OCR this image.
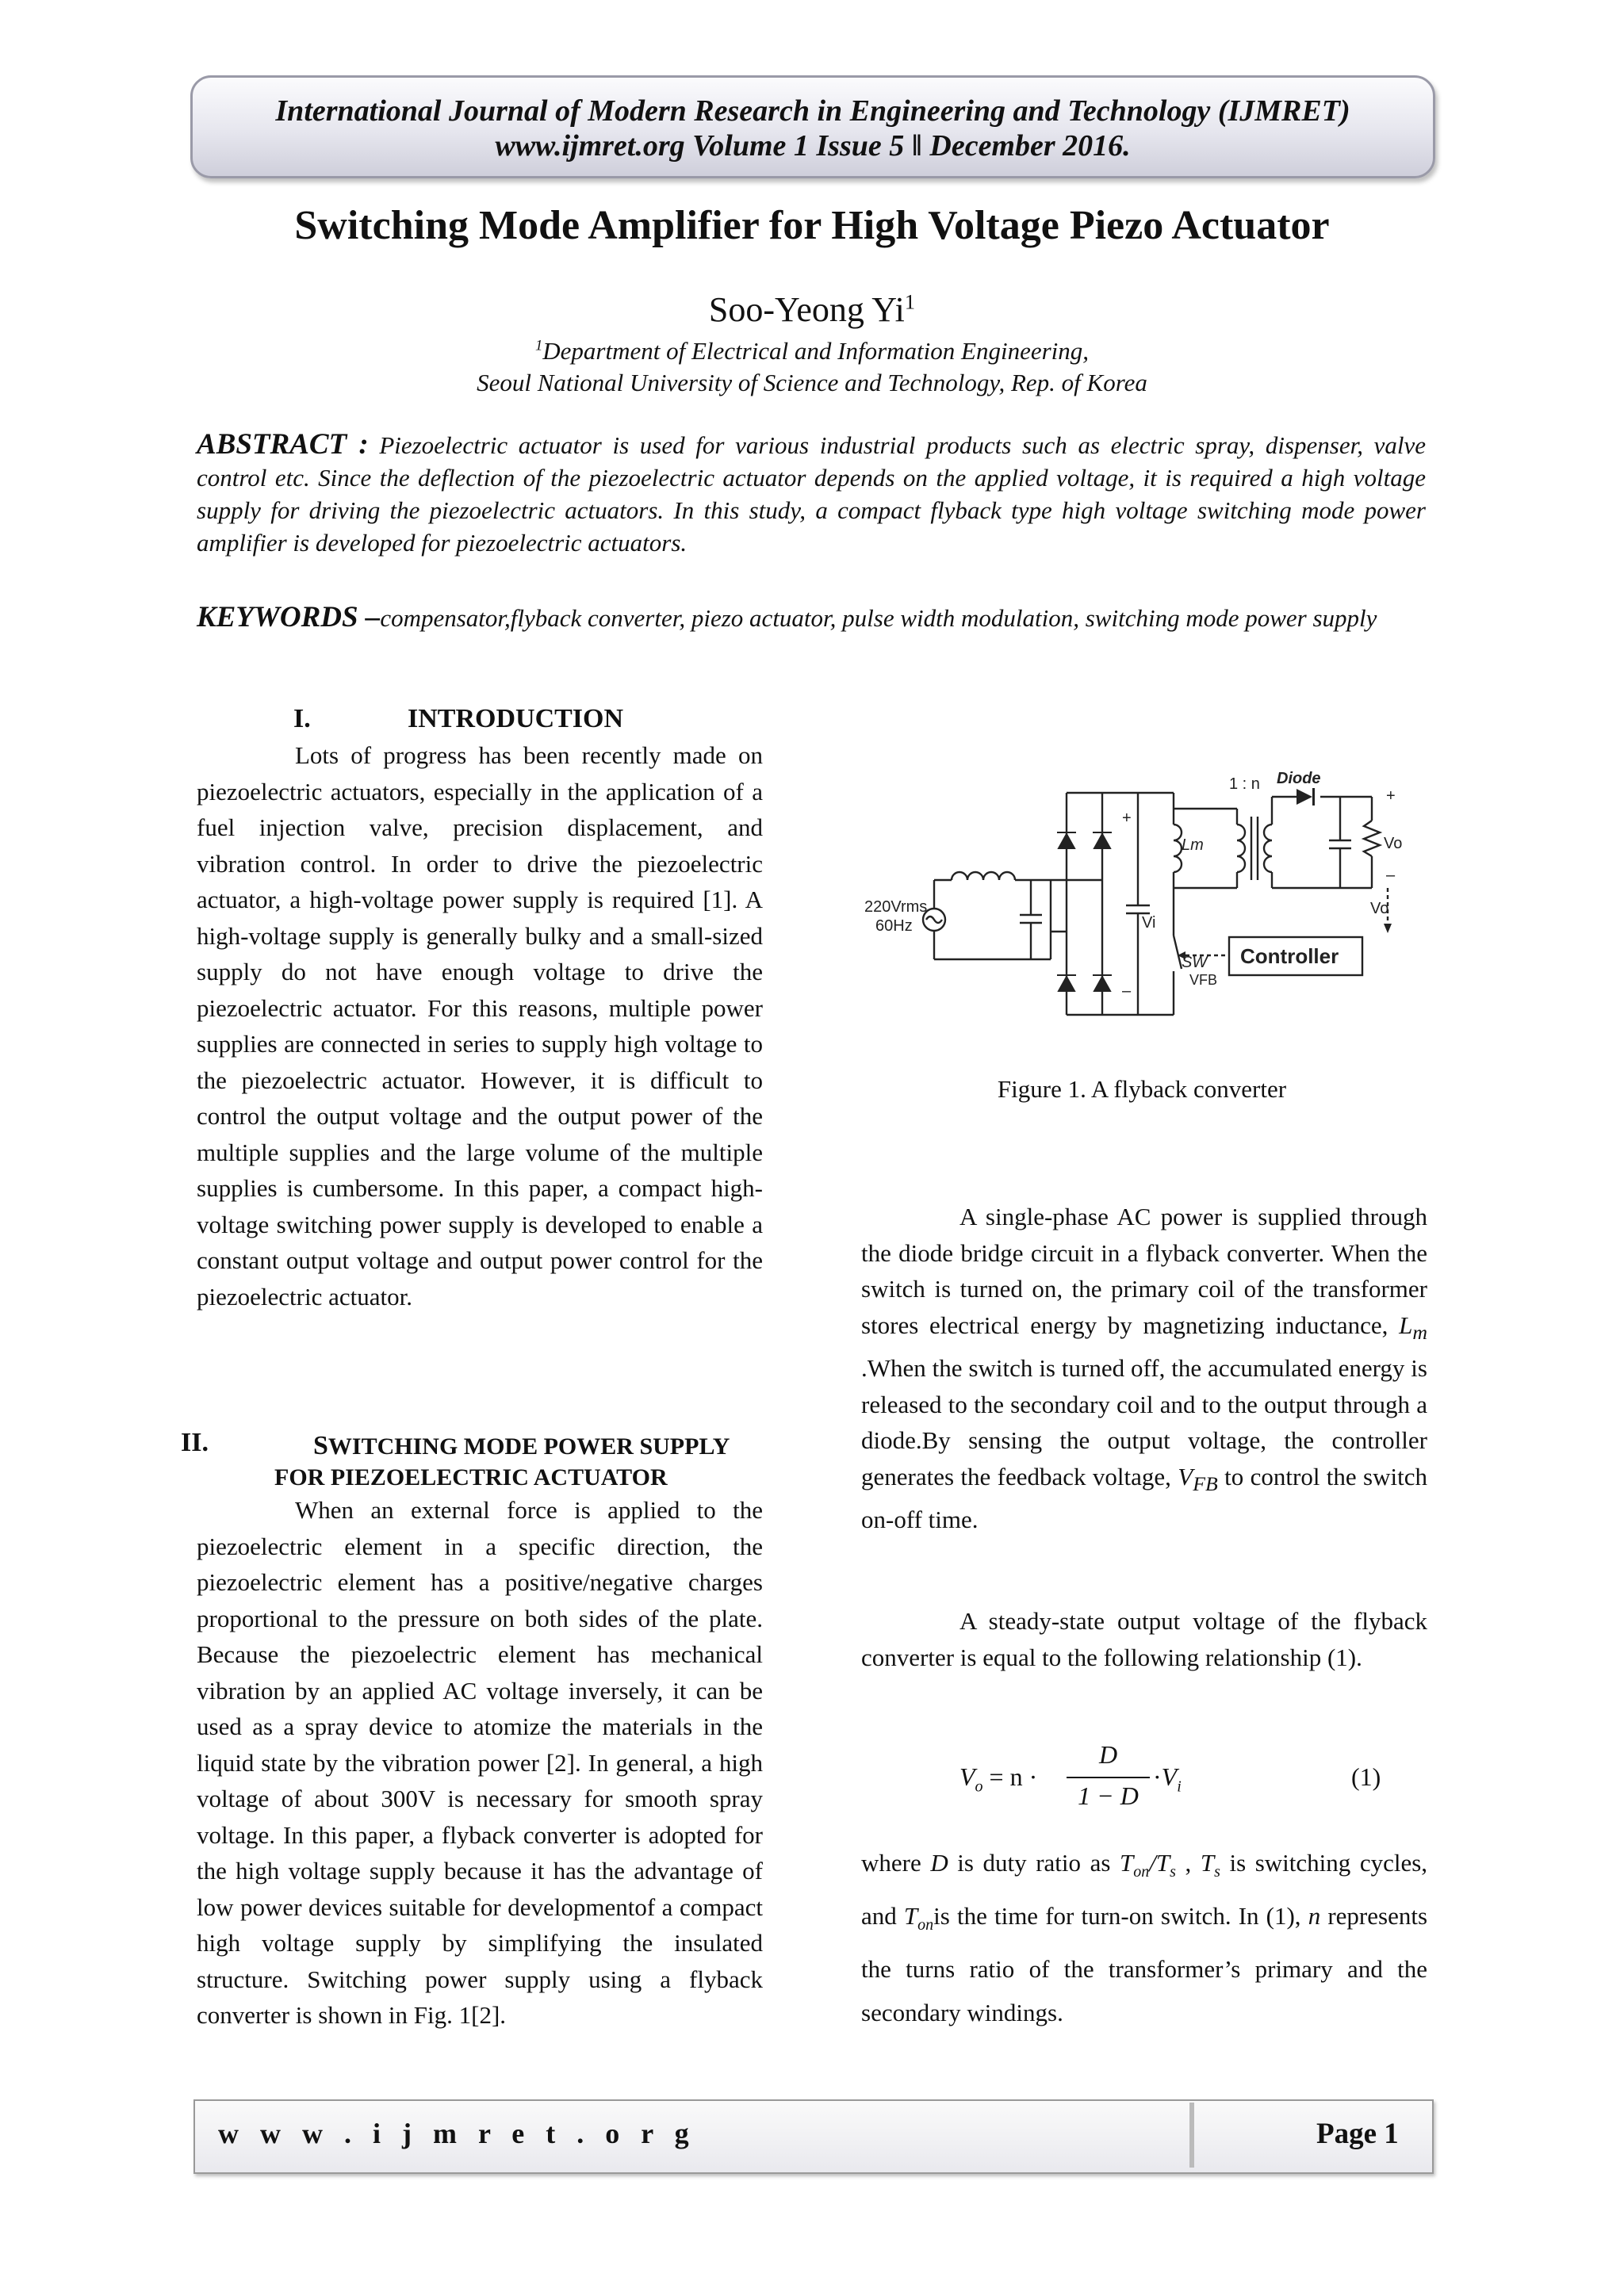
International Journal of Modern Research in Engineering and Technology (IJMRET)
www.ijmret.org Volume 1 Issue 5 ǁ December 2016.
Switching Mode Amplifier for High Voltage Piezo Actuator
Soo-Yeong Yi$^1$
$^1$Department of Electrical and Information Engineering,
Seoul National University of Science and Technology, Rep. of Korea
ABSTRACT : Piezoelectric actuator is used for various industrial products such as electric spray, dispenser, valve control etc. Since the deflection of the piezoelectric actuator depends on the applied voltage, it is required a high voltage supply for driving the piezoelectric actuators. In this study, a compact flyback type high voltage switching mode power amplifier is developed for piezoelectric actuators.
KEYWORDS –compensator,flyback converter, piezo actuator, pulse width modulation, switching mode power supply
I.	INTRODUCTION

Lots of progress has been recently made on piezoelectric actuators, especially in the application of a fuel injection valve, precision displacement, and vibration control. In order to drive the piezoelectric actuator, a high-voltage power supply is required [1]. A high-voltage supply is generally bulky and a small-sized supply do not have enough voltage to drive the piezoelectric actuator. For this reasons, multiple power supplies are connected in series to supply high voltage to the piezoelectric actuator. However, it is difficult to control the output voltage and the output power of the multiple supplies and the large volume of the multiple supplies is cumbersome. In this paper, a compact high-voltage switching power supply is developed to enable a constant output voltage and output power control for the piezoelectric actuator.

II.	SWITCHING MODE POWER SUPPLY
FOR PIEZOELECTRIC ACTUATOR

When an external force is applied to the piezoelectric element in a specific direction, the piezoelectric element has a positive/negative charges proportional to the pressure on both sides of the plate. Because the piezoelectric element has mechanical vibration by an applied AC voltage inversely, it can be used as a spray device to atomize the materials in the liquid state by the vibration power [2]. In general, a high voltage of about 300V is necessary for smooth spray voltage. In this paper, a flyback converter is adopted for the high voltage supply because it has the advantage of low power devices suitable for developmentof a compact high voltage supply by simplifying the insulated structure. Switching power supply using a flyback converter is shown in Fig. 1[2].

220Vrms
60Hz
+
–
Vi
Lm
1 : n Diode
+
Vo
–
Vo
SW
VFB
Controller
Figure 1. A flyback converter

A single-phase AC power is supplied through the diode bridge circuit in a flyback converter. When the switch is turned on, the primary coil of the transformer stores electrical energy by magnetizing inductance, $L_m$ .When the switch is turned off, the accumulated energy is released to the secondary coil and to the output through a diode.By sensing the output voltage, the controller generates the feedback voltage, $V_{FB}$ to control the switch on-off time.

A steady-state output voltage of the flyback converter is equal to the following relationship (1).

$V_o = n$ ·
D
1 − D
$\cdot V_i$	(1)

where D is duty ratio as $T_{on}/T_s$ , $T_s$ is switching cycles, and $T_{on}is$ the time for turn-on switch. In (1), n represents the turns ratio of the transformer’s primary and the secondary windings.

w w w . i j m r e t . o r g	Page 1
